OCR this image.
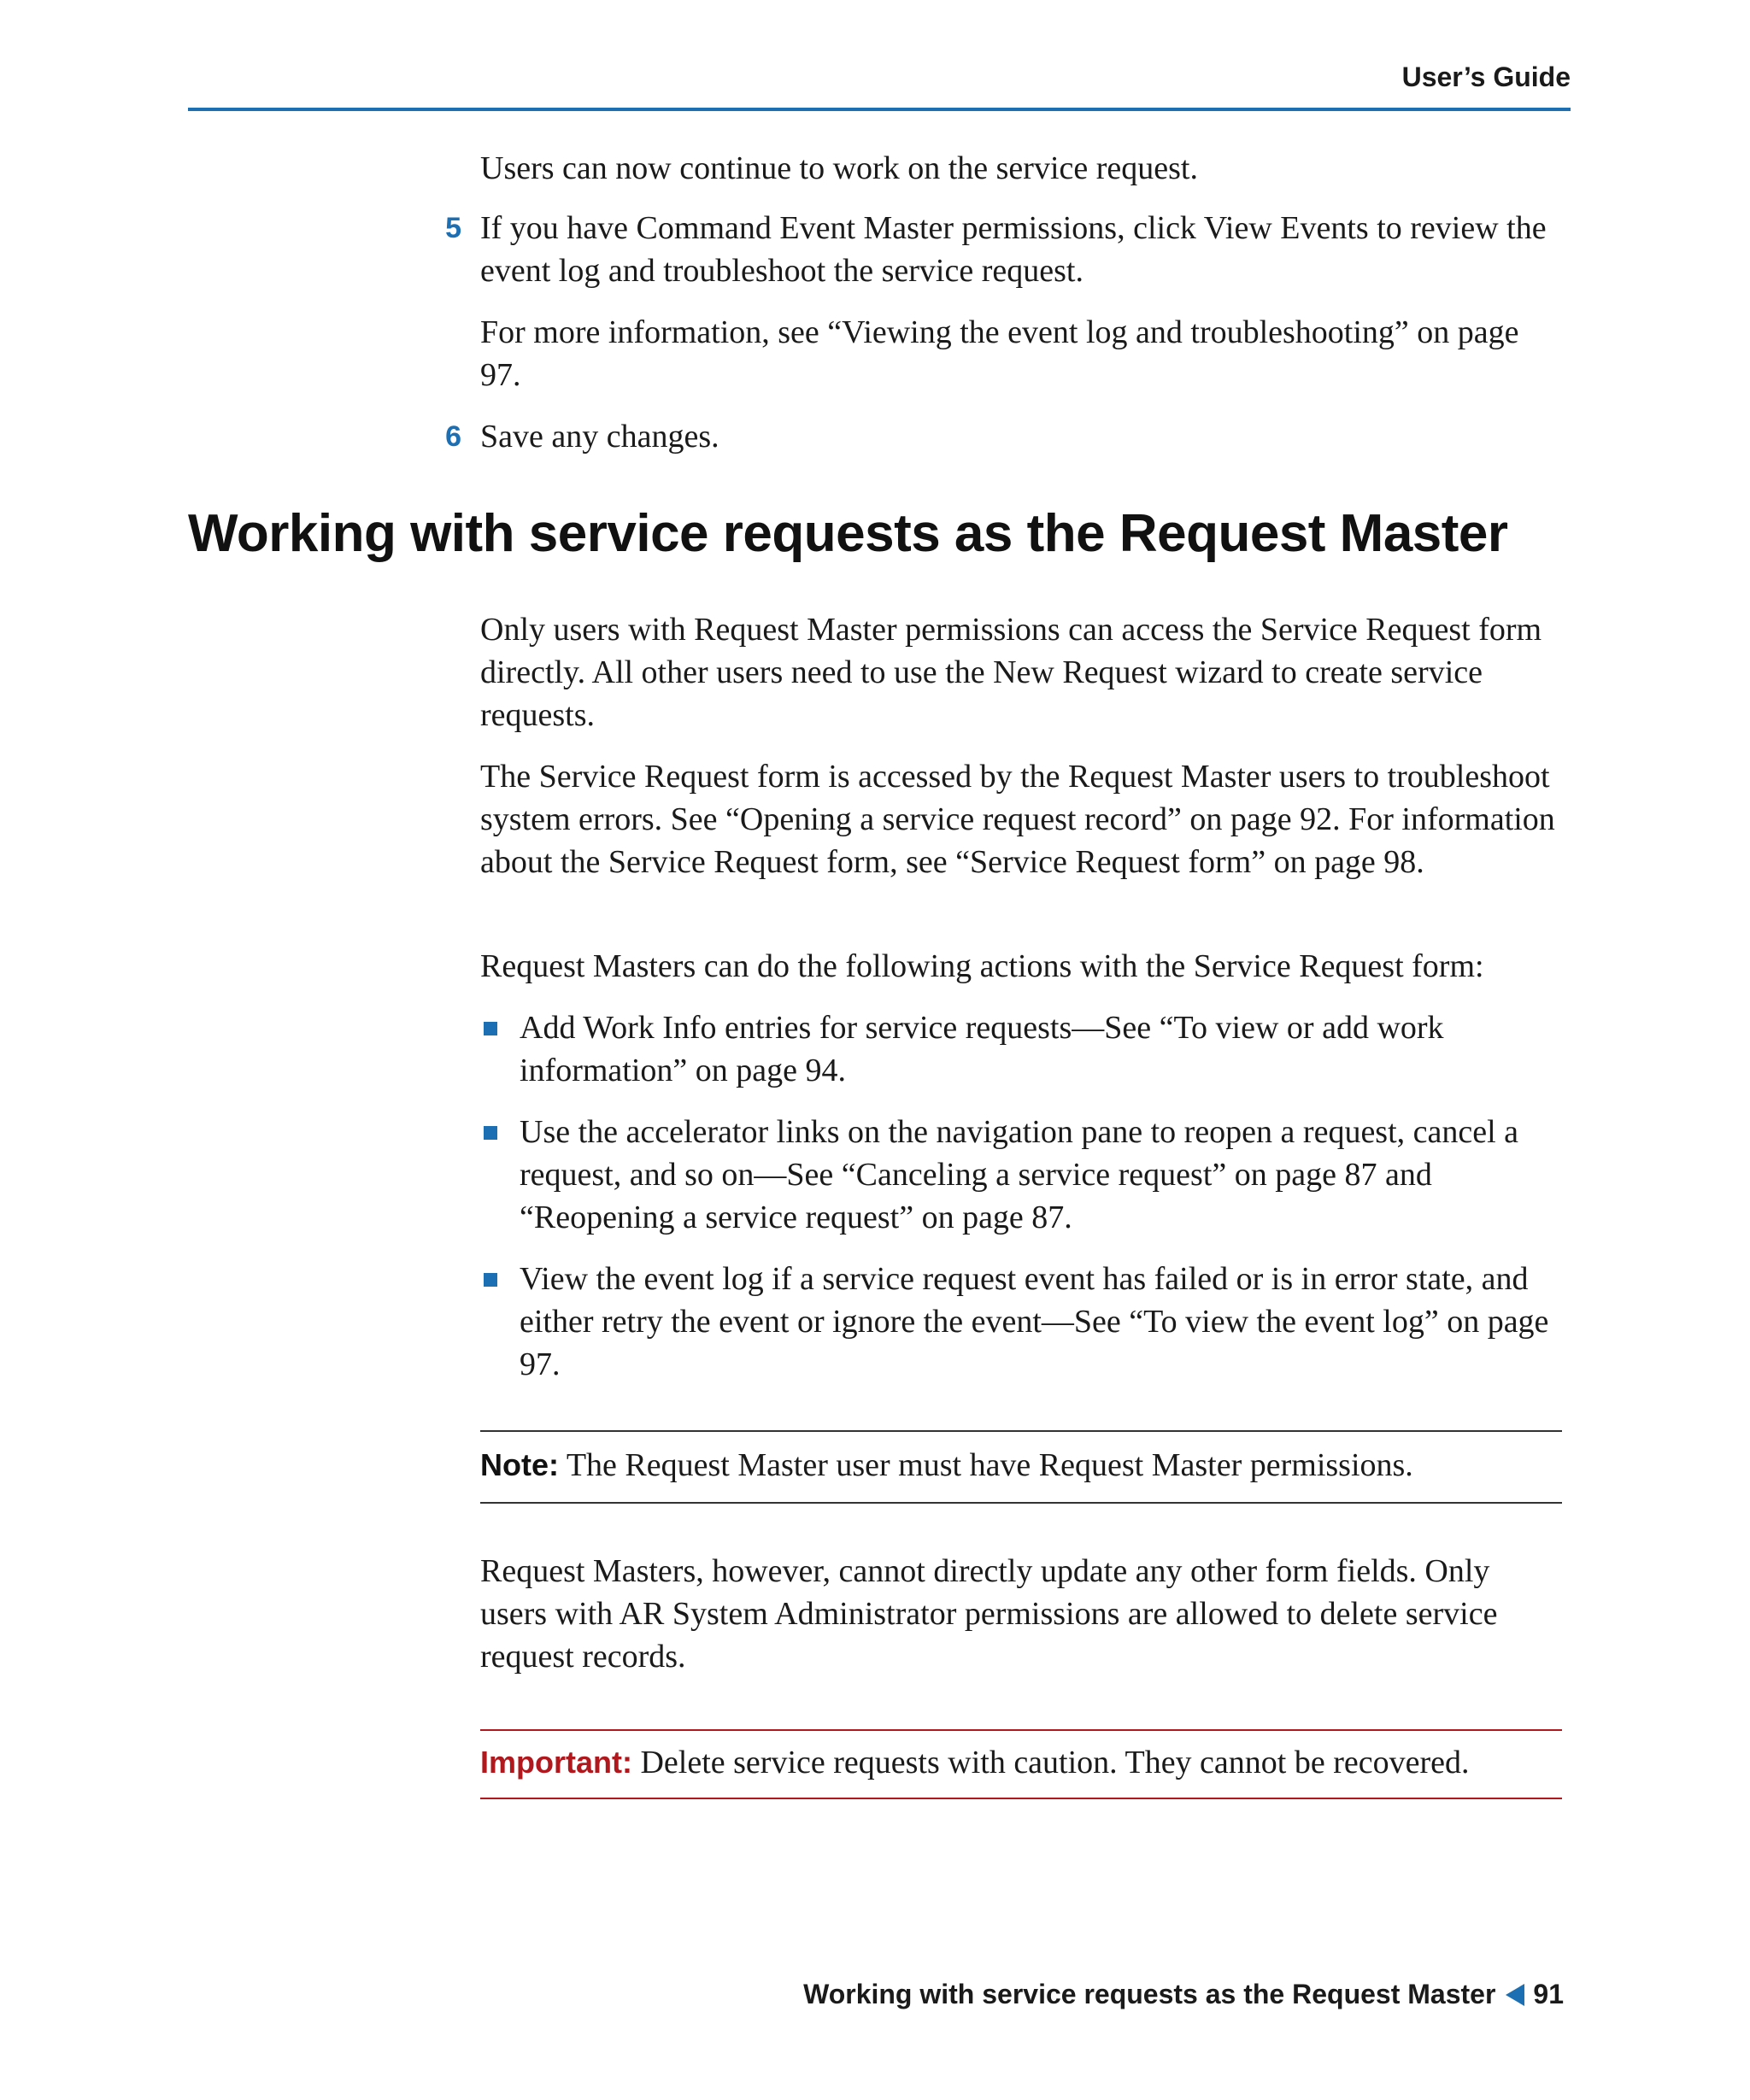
User’s Guide

Users can now continue to work on the service request.

5 If you have Command Event Master permissions, click View Events to review the event log and troubleshoot the service request.

For more information, see “Viewing the event log and troubleshooting” on page 97.

6 Save any changes.
Working with service requests as the Request Master

Only users with Request Master permissions can access the Service Request form directly. All other users need to use the New Request wizard to create service requests.

The Service Request form is accessed by the Request Master users to troubleshoot system errors. See “Opening a service request record” on page 92. For information about the Service Request form, see “Service Request form” on page 98.

Request Masters can do the following actions with the Service Request form:

Add Work Info entries for service requests—See “To view or add work information” on page 94.
Use the accelerator links on the navigation pane to reopen a request, cancel a request, and so on—See “Canceling a service request” on page 87 and “Reopening a service request” on page 87.
View the event log if a service request event has failed or is in error state, and either retry the event or ignore the event—See “To view the event log” on page 97.
Note: The Request Master user must have Request Master permissions.

Request Masters, however, cannot directly update any other form fields. Only users with AR System Administrator permissions are allowed to delete service request records.

Important: Delete service requests with caution. They cannot be recovered.
Working with service requests as the Request Master 91
